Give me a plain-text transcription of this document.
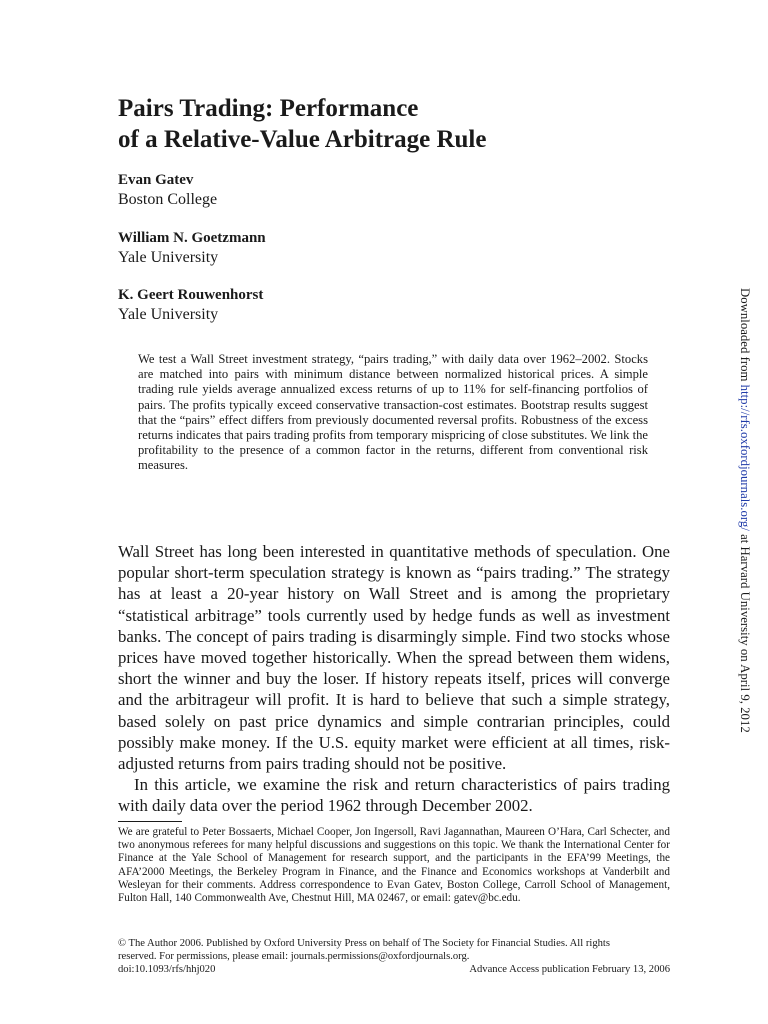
Pairs Trading: Performance
of a Relative-Value Arbitrage Rule
Evan Gatev
Boston College
William N. Goetzmann
Yale University
K. Geert Rouwenhorst
Yale University

We test a Wall Street investment strategy, “pairs trading,” with daily data over 1962–2002. Stocks are matched into pairs with minimum distance between normalized historical prices. A simple trading rule yields average annualized excess returns of up to 11% for self-financing portfolios of pairs. The profits typically exceed conservative transaction-cost estimates. Bootstrap results suggest that the “pairs” effect differs from previously documented reversal profits. Robustness of the excess returns indicates that pairs trading profits from temporary mispricing of close substitutes. We link the profitability to the presence of a common factor in the returns, different from conventional risk measures.

Wall Street has long been interested in quantitative methods of speculation. One popular short-term speculation strategy is known as “pairs trading.” The strategy has at least a 20-year history on Wall Street and is among the proprietary “statistical arbitrage” tools currently used by hedge funds as well as investment banks. The concept of pairs trading is disarmingly simple. Find two stocks whose prices have moved together historically. When the spread between them widens, short the winner and buy the loser. If history repeats itself, prices will converge and the arbitrageur will profit. It is hard to believe that such a simple strategy, based solely on past price dynamics and simple contrarian principles, could possibly make money. If the U.S. equity market were efficient at all times, risk-adjusted returns from pairs trading should not be positive.

In this article, we examine the risk and return characteristics of pairs trading with daily data over the period 1962 through December 2002.

We are grateful to Peter Bossaerts, Michael Cooper, Jon Ingersoll, Ravi Jagannathan, Maureen O’Hara, Carl Schecter, and two anonymous referees for many helpful discussions and suggestions on this topic. We thank the International Center for Finance at the Yale School of Management for research support, and the participants in the EFA’99 Meetings, the AFA’2000 Meetings, the Berkeley Program in Finance, and the Finance and Economics workshops at Vanderbilt and Wesleyan for their comments. Address correspondence to Evan Gatev, Boston College, Carroll School of Management, Fulton Hall, 140 Commonwealth Ave, Chestnut Hill, MA 02467, or email: gatev@bc.edu.

© The Author 2006. Published by Oxford University Press on behalf of The Society for Financial Studies. All rights
reserved. For permissions, please email: journals.permissions@oxfordjournals.org.
doi:10.1093/rfs/hhj020	Advance Access publication February 13, 2006
Downloaded from http://rfs.oxfordjournals.org/ at Harvard University on April 9, 2012
